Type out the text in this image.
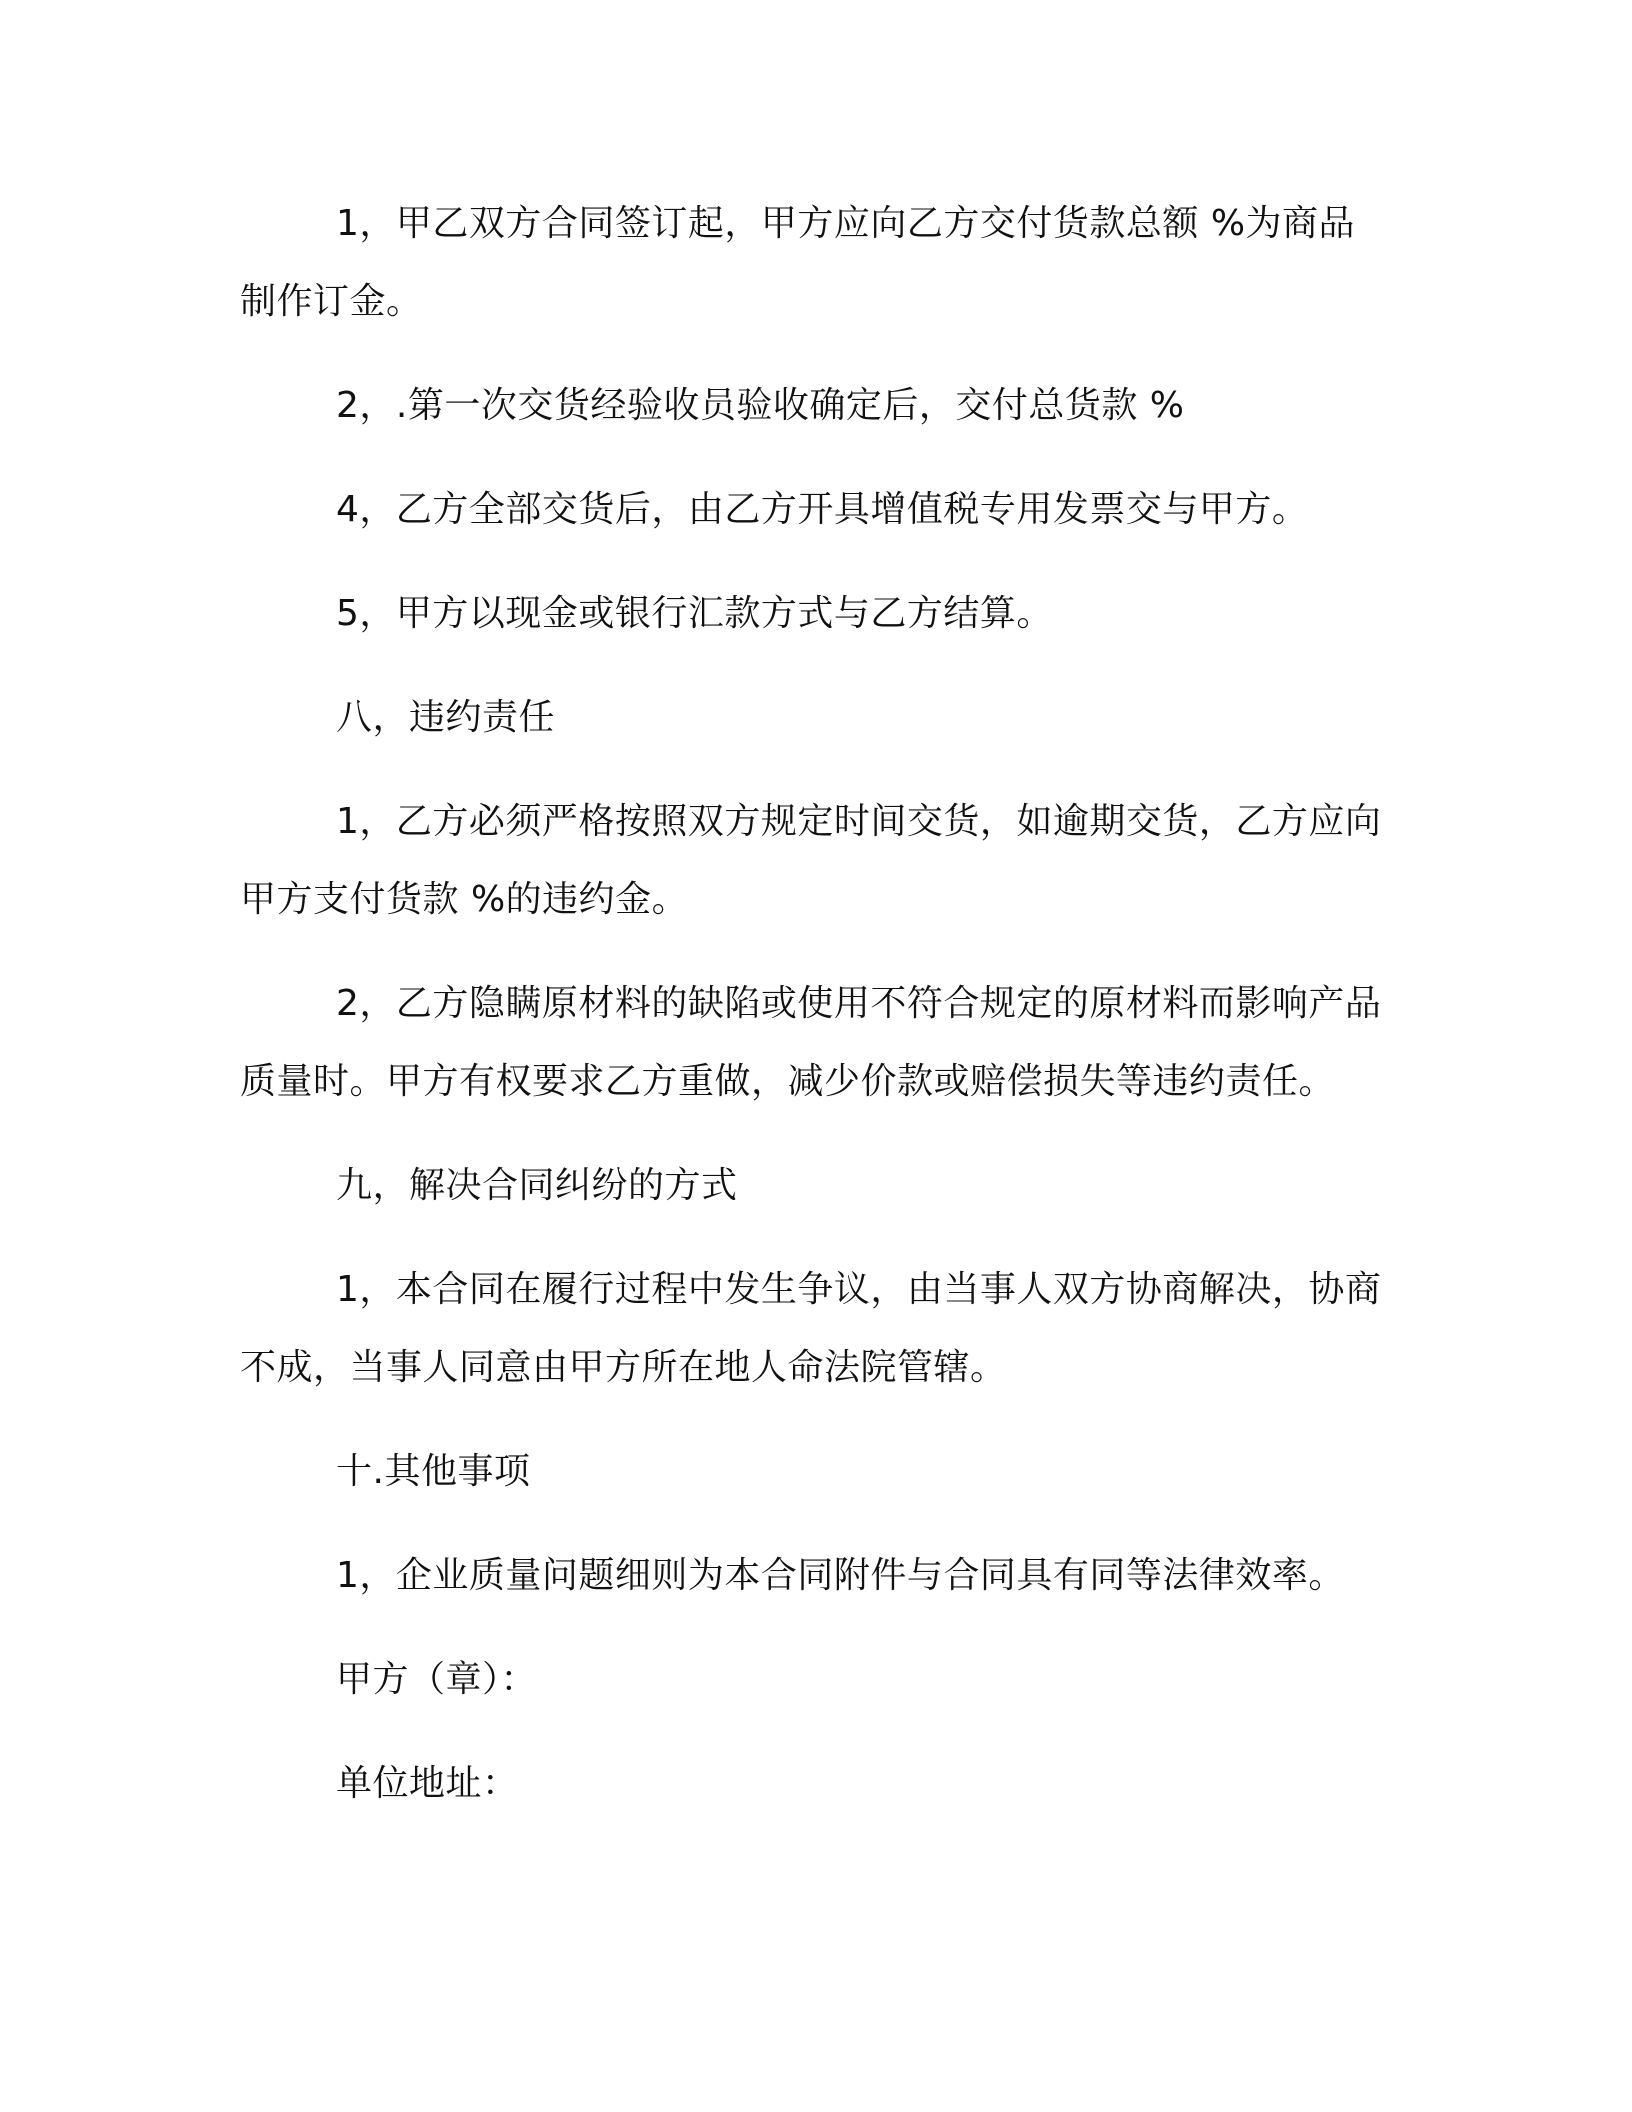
1，甲乙双方合同签订起，甲方应向乙方交付货款总额 %为商品制作订金。

2，.第一次交货经验收员验收确定后，交付总货款 %

4，乙方全部交货后，由乙方开具增值税专用发票交与甲方。

5，甲方以现金或银行汇款方式与乙方结算。

八，违约责任

1，乙方必须严格按照双方规定时间交货，如逾期交货，乙方应向甲方支付货款 %的违约金。

2，乙方隐瞒原材料的缺陷或使用不符合规定的原材料而影响产品质量时。甲方有权要求乙方重做，减少价款或赔偿损失等违约责任。

九，解决合同纠纷的方式

1，本合同在履行过程中发生争议，由当事人双方协商解决，协商不成，当事人同意由甲方所在地人命法院管辖。

十.其他事项

1，企业质量问题细则为本合同附件与合同具有同等法律效率。

甲方（章）：

单位地址：
